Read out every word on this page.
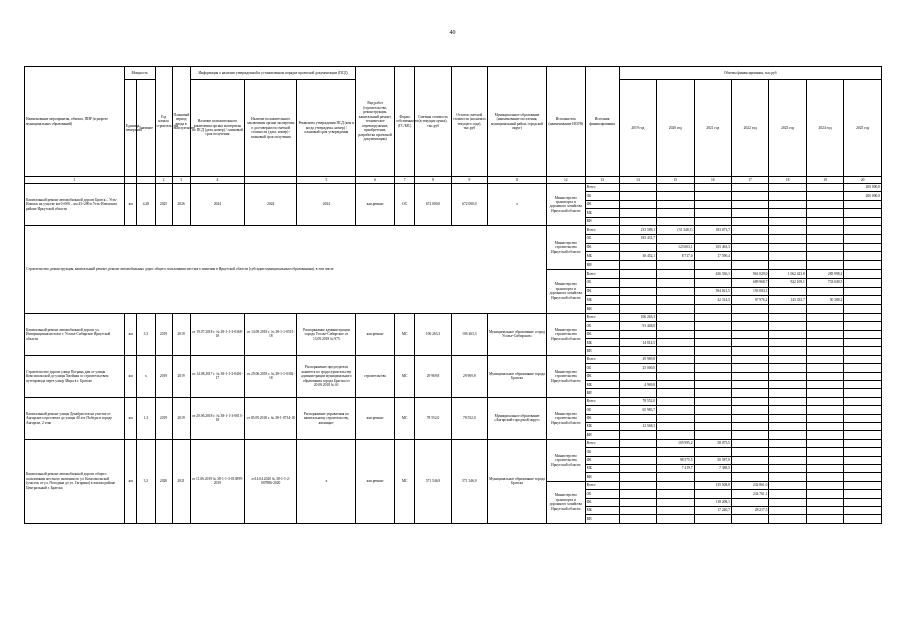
40
Наименование мероприятия, объекта, ПИР (в разрезе муниципальных образований)	Мощность		Год начала строительства	Плановый период ввода в эксплуатацию	Информация о наличии утвержденной в установленном порядке проектной документации (ПСД)			Вид работ (строительство, реконструкция, капитальный ремонт, техническое перевооружение, приобретение, разработка проектной документации)	Форма собственности (ГС/МС)	Сметная стоимость (в текущих ценах), тыс.руб	Остаток сметной стоимости (на начало текущего года), тыс.руб	Муниципальное образование (наименование поселения, муниципальный район, городской округ)	Исполнитель (наименование ИОГВ)	Источник финансирования	Объемы финансирования, тыс.руб						
	Единица измерения	Значение			Наличие положительного заключения органа экспертизы по ПСД (дата, номер) / плановый срок получения	Наличие положительного заключения органа экспертизы о достоверности сметной стоимости (дата, номер) / плановый срок получения	Реквизиты утверждения ПСД (кем и когда утверждена, номер) / плановый срок утверждения								2019 год	2020 год	2021 год	2022 год	2023 год	2024 год	2025 год
1			2	3	4		5	6	7	8	9	11	12	13	14	15	16	17	18	19	20
Капитальный ремонт автомобильной дороги Братск – Усть-Илимск на участке км 0+000 – км 43+280 в Усть-Илимском районе Иркутской области	км	4,28	2025	2026	2024	2024	2024	кап.ремонт	ОС	672 000,0	672 000,0	х	Министерство транспорта и дорожного хозяйства Иркутской области	Всего							200 000,0
														ОБ							200 000,0
														ФБ							
														МБ							
														ВИ							
Строительство, реконструкция, капитальный ремонт, ремонт автомобильных дорог общего пользования местного значения в Иркутской области (субсидии муниципальным образованиям), в том числе													Министерство строительства Иркутской области	Всего	213 589,1	(31 348,1)	183 073,7				
														ОБ	183 431,7						
														ФБ		123 603,1	165 463,3				
														МБ	30 452,1	8 717,0	17 590,4				
														ВИ							
													Министерство транспорта и дорожного хозяйства Иркутской области	Всего			436 336,1	961 029,0	1 062 423,8	285 998,2	
														ОБ				689 968,7	922 109,1	733 049,5	
														ФБ			394 021,5	193 084,1			
														МБ			42 314,5	97 976,2	143 335,7	50 388,2	
														ВИ							
Капитальный ремонт автомобильной дороги ул. Интернационалистов в г. Усолье-Сибирское Иркутской области	км	3,3	2019	2019	от 19.07.2018 г. № 38-1-1-3-0368-18	от 14.09.2018 г. № 38-1-1-0515-18	Распоряжение администрации города Усолье-Сибирское от 13.09.2018 № 975	кап.ремонт	МС	106 263,3	106 263,3	Муниципальное образование «город Усолье-Сибирское»	Министерство строительства Иркутской области	Всего	106 263,3						
														ОБ	91 448,8						
														ФБ							
														МБ	14 814,5						
														ВИ							
Строительство дороги улица Погрань дам от улицы Комсомольской до улицы Хвойная со строительством путепровода через улицу Мира в г. Братске	км	х	2019	2019	от 14.08.2017 г. № 38-1-1-2-0401-17	от 29.06.2018 г. № 38-1-1-0302-18	Распоряжение председателя комитета по градостроительству администрации муниципального образования города Братска от 20.08.2018 № 61	строительство	МС	29 969,8	29 969,8	Муниципальное образование города Братска	Министерство строительства Иркутской области	Всего	29 969,8						
														ОБ	25 000,0						
														ФБ							
														МБ	4 969,8						
														ВИ							
Капитальный ремонт улицы Декабристов на участке от Ангарского проспекта до улицы 40 лет Победы в городе Ангарске, 2 этап	км	1,3	2019	2019	от 20.06.2018 г. № 38-1-1-3-0013-18	от 05.09.2018 г. № 38-1-0734-18	Распоряжение управления по капитальному строительству, жилищно-	кап.ремонт	МС	78 552,0	78 552,0	Муниципальное образование «Ангарский городской округ»	Министерство строительства Иркутской области	Всего	78 552,0						
														ОБ	65 983,7						
														ФБ							
														МБ	12 568,3						
														ВИ							
Капитальный ремонт автомобильной дороги общего пользования местного значения по ул. Комсомольской (участок от ул. Погодина до ул. Гагарина) в жилом районе Центральный г. Братска	км	3,3	2020	2021	от 11.06.2019 № 38-1-1-3-013899-2019	от14.04.2020 № 38-1-1-2-007886-2020	х	кап.ремонт	МС	571 546,9	571 546,9	Муниципальное образование города Братска	Министерство строительства Иркутской области	Всего		105 995,2	58 075,5				
														ОБ							
														ФБ		98 575,5	50 587,0				
														МБ		7 419,7	7 388,5				
														ВИ							
													Министерство транспорта и дорожного хозяйства Иркутской области	Всего			135 508,8	232 861,0			
														ОБ				234 761,1			
														ФБ			118 208,1				
														МБ			17 240,7	28 217,5			
														ВИ							
